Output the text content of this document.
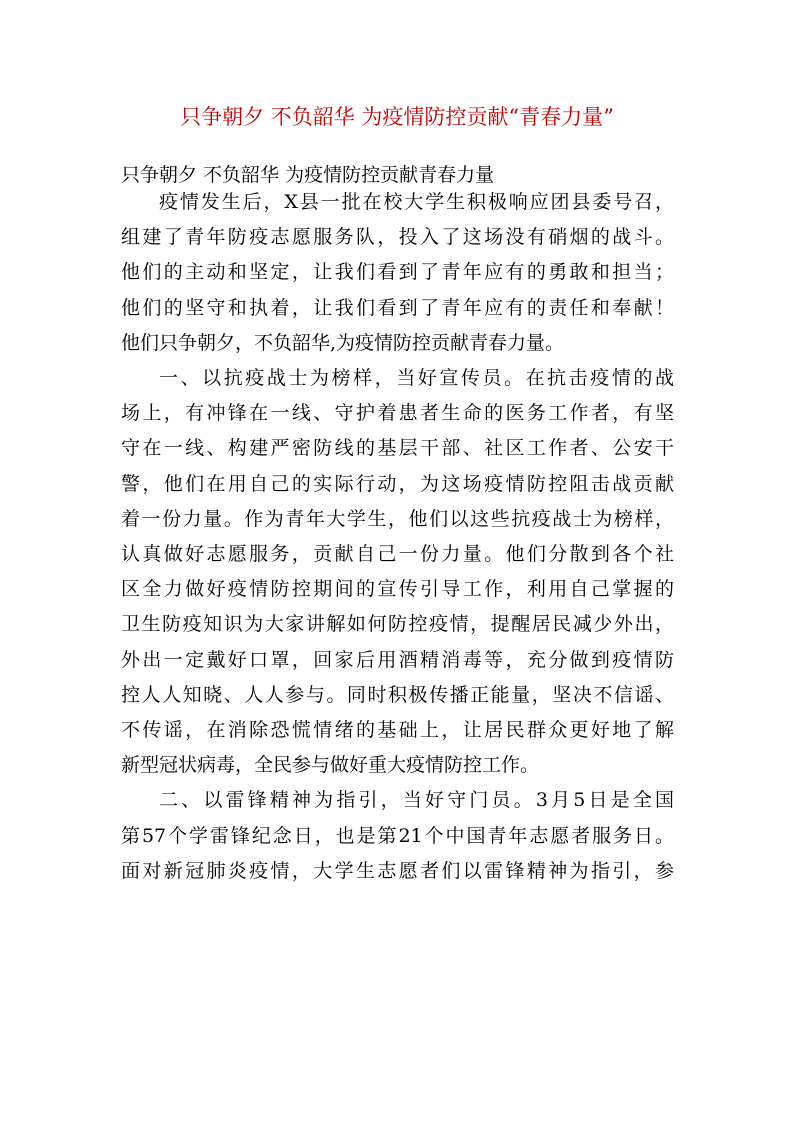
只争朝夕 不负韶华 为疫情防控贡献“青春力量”
只争朝夕 不负韶华 为疫情防控贡献青春力量
疫情发生后，X县一批在校大学生积极响应团县委号召，
组建了青年防疫志愿服务队，投入了这场没有硝烟的战斗。
他们的主动和坚定，让我们看到了青年应有的勇敢和担当；
他们的坚守和执着，让我们看到了青年应有的责任和奉献！
他们只争朝夕，不负韶华,为疫情防控贡献青春力量。
一、以抗疫战士为榜样，当好宣传员。在抗击疫情的战
场上，有冲锋在一线、守护着患者生命的医务工作者，有坚
守在一线、构建严密防线的基层干部、社区工作者、公安干
警，他们在用自己的实际行动，为这场疫情防控阻击战贡献
着一份力量。作为青年大学生，他们以这些抗疫战士为榜样，
认真做好志愿服务，贡献自己一份力量。他们分散到各个社
区全力做好疫情防控期间的宣传引导工作，利用自己掌握的
卫生防疫知识为大家讲解如何防控疫情，提醒居民减少外出，
外出一定戴好口罩，回家后用酒精消毒等，充分做到疫情防
控人人知晓、人人参与。同时积极传播正能量，坚决不信谣、
不传谣，在消除恐慌情绪的基础上，让居民群众更好地了解
新型冠状病毒，全民参与做好重大疫情防控工作。
二、以雷锋精神为指引，当好守门员。3月5日是全国
第57个学雷锋纪念日，也是第21个中国青年志愿者服务日。
面对新冠肺炎疫情，大学生志愿者们以雷锋精神为指引，参
